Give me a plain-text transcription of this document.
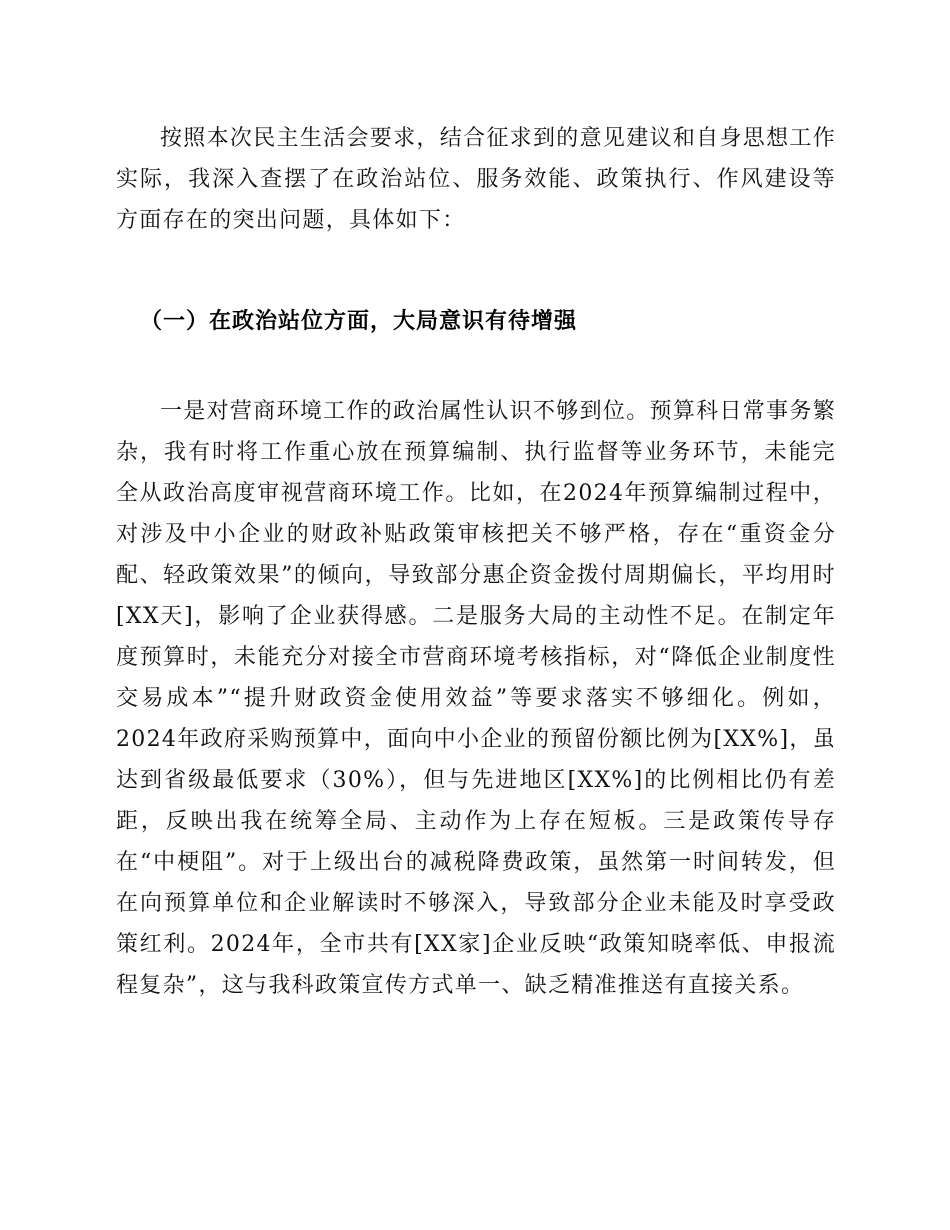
按照本次民主生活会要求，结合征求到的意见建议和自身思想工作实际，我深入查摆了在政治站位、服务效能、政策执行、作风建设等方面存在的突出问题，具体如下：

（一）在政治站位方面，大局意识有待增强

一是对营商环境工作的政治属性认识不够到位。预算科日常事务繁杂，我有时将工作重心放在预算编制、执行监督等业务环节，未能完全从政治高度审视营商环境工作。比如，在2024年预算编制过程中，对涉及中小企业的财政补贴政策审核把关不够严格，存在“重资金分配、轻政策效果”的倾向，导致部分惠企资金拨付周期偏长，平均用时[XX天]，影响了企业获得感。二是服务大局的主动性不足。在制定年度预算时，未能充分对接全市营商环境考核指标，对“降低企业制度性交易成本”“提升财政资金使用效益”等要求落实不够细化。例如，2024年政府采购预算中，面向中小企业的预留份额比例为[XX%]，虽达到省级最低要求（30%），但与先进地区[XX%]的比例相比仍有差距，反映出我在统筹全局、主动作为上存在短板。三是政策传导存在“中梗阻”。对于上级出台的减税降费政策，虽然第一时间转发，但在向预算单位和企业解读时不够深入，导致部分企业未能及时享受政策红利。2024年，全市共有[XX家]企业反映“政策知晓率低、申报流程复杂”，这与我科政策宣传方式单一、缺乏精准推送有直接关系。
